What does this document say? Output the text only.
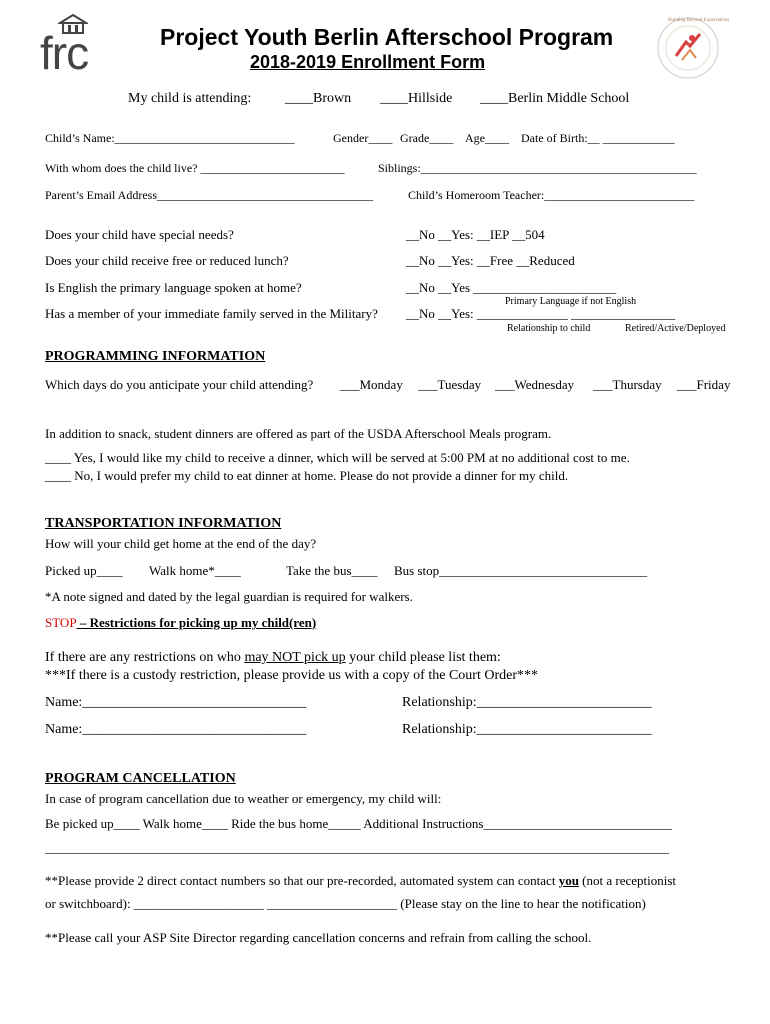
frc	Project Youth Berlin Afterschool Program
2018-2019 Enrollment Form
Building Beyond Expectations
My child is attending: ____Brown ____Hillside ____Berlin Middle School
Child’s Name:______________________________	Gender____ Grade____ Age____ Date of Birth:__ ____________
With whom does the child live? ________________________	Siblings:______________________________________________
Parent’s Email Address____________________________________	Child’s Homeroom Teacher:_________________________
Does your child have special needs?	__No __Yes: __IEP __504
Does your child receive free or reduced lunch?	__No __Yes: __Free __Reduced
Is English the primary language spoken at home?	__No __Yes ______________________
Primary Language if not English
Has a member of your immediate family served in the Military? __No __Yes: ______________ ________________
Relationship to child	Retired/Active/Deployed
PROGRAMMING INFORMATION
Which days do you anticipate your child attending? ___Monday ___Tuesday ___Wednesday ___Thursday ___Friday
In addition to snack, student dinners are offered as part of the USDA Afterschool Meals program.
____ Yes, I would like my child to receive a dinner, which will be served at 5:00 PM at no additional cost to me.
____ No, I would prefer my child to eat dinner at home. Please do not provide a dinner for my child.
TRANSPORTATION INFORMATION
How will your child get home at the end of the day?
Picked up____ Walk home*____	Take the bus____ Bus stop________________________________
*A note signed and dated by the legal guardian is required for walkers.
STOP – Restrictions for picking up my child(ren)
If there are any restrictions on who may NOT pick up your child please list them:
***If there is a custody restriction, please provide us with a copy of the Court Order***
Name:________________________________	Relationship:_________________________
Name:________________________________	Relationship:_________________________
PROGRAM CANCELLATION
In case of program cancellation due to weather or emergency, my child will:
Be picked up____ Walk home____ Ride the bus home_____ Additional Instructions_____________________________
________________________________________________________________________________________________
**Please provide 2 direct contact numbers so that our pre-recorded, automated system can contact you (not a receptionist
or switchboard): ____________________ ____________________ (Please stay on the line to hear the notification)
**Please call your ASP Site Director regarding cancellation concerns and refrain from calling the school.
